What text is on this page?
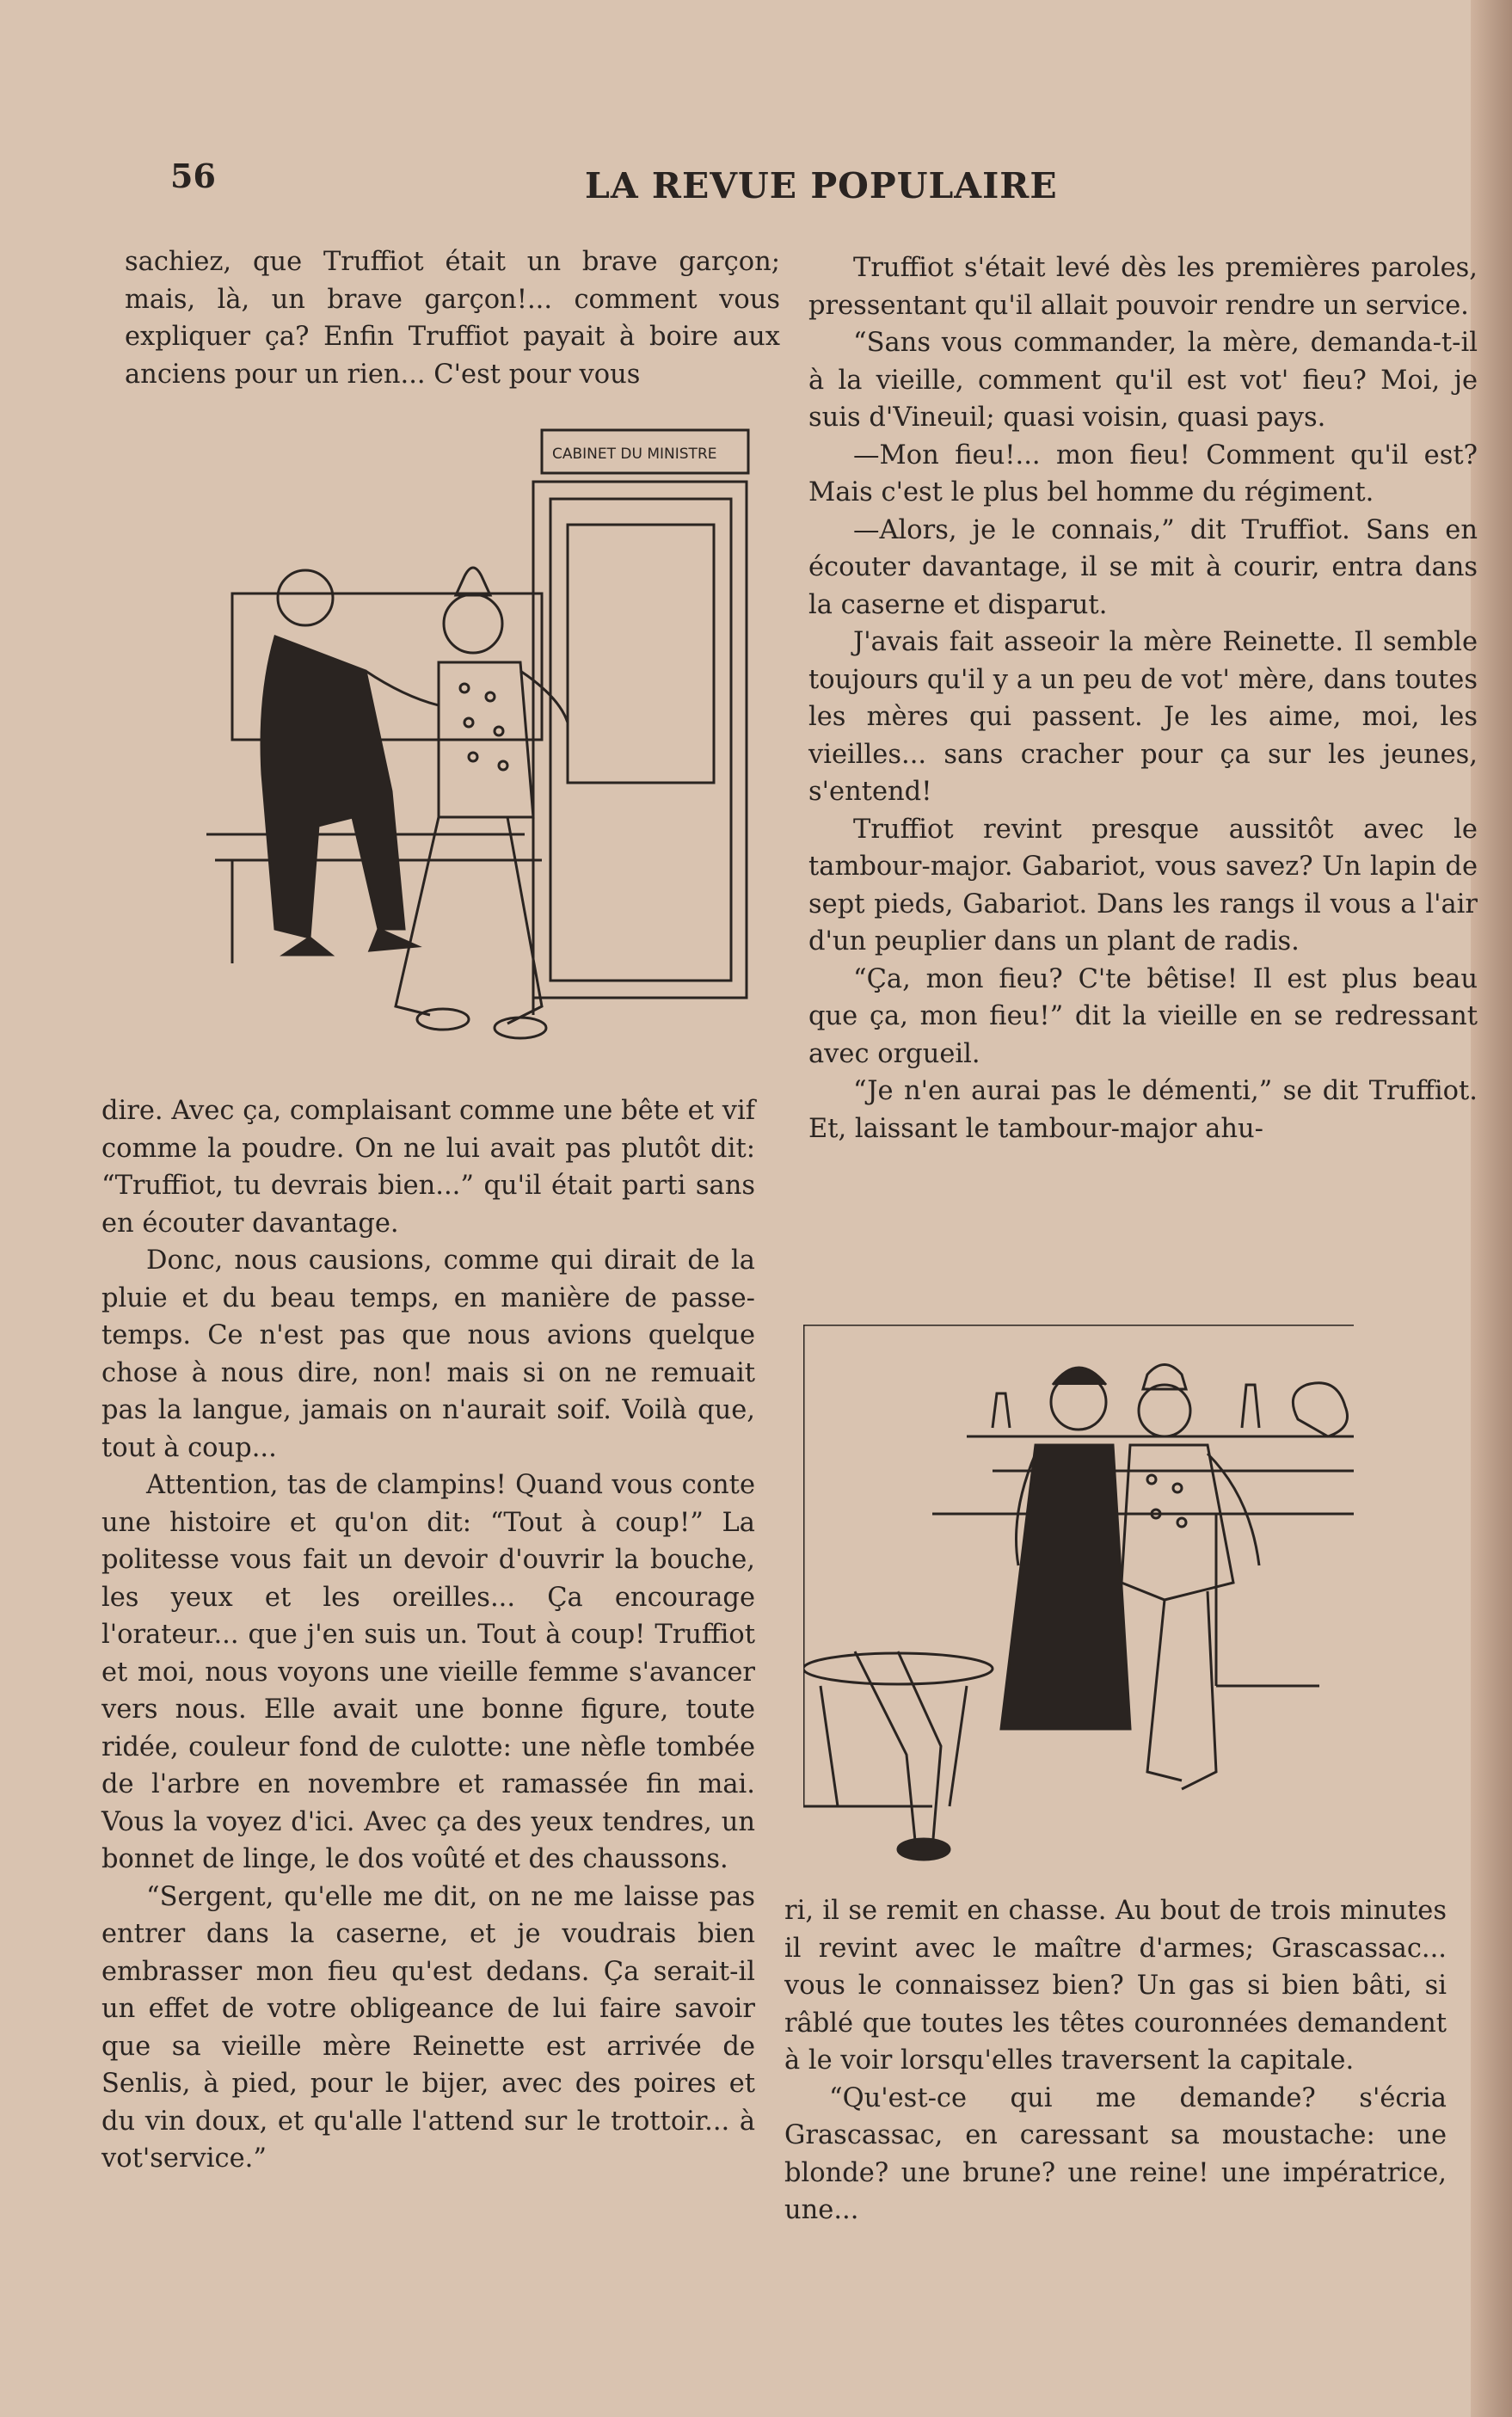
56	LA REVUE POPULAIRE

sachiez, que Truffiot était un brave garçon; mais, là, un brave garçon!... comment vous expliquer ça? Enfin Truffiot payait à boire aux anciens pour un rien... C'est pour vous

CABINET DU MINISTRE

dire. Avec ça, complaisant comme une bête et vif comme la poudre. On ne lui avait pas plutôt dit: “Truffiot, tu devrais bien...” qu'il était parti sans en écouter davantage.

Donc, nous causions, comme qui dirait de la pluie et du beau temps, en manière de passe-temps. Ce n'est pas que nous avions quelque chose à nous dire, non! mais si on ne remuait pas la langue, jamais on n'aurait soif. Voilà que, tout à coup...

Attention, tas de clampins! Quand vous conte une histoire et qu'on dit: “Tout à coup!” La politesse vous fait un devoir d'ouvrir la bouche, les yeux et les oreilles... Ça encourage l'orateur... que j'en suis un. Tout à coup! Truffiot et moi, nous voyons une vieille femme s'avancer vers nous. Elle avait une bonne figure, toute ridée, couleur fond de culotte: une nèfle tombée de l'arbre en novembre et ramassée fin mai. Vous la voyez d'ici. Avec ça des yeux tendres, un bonnet de linge, le dos voûté et des chaussons.

“Sergent, qu'elle me dit, on ne me laisse pas entrer dans la caserne, et je voudrais bien embrasser mon fieu qu'est dedans. Ça serait-il un effet de votre obligeance de lui faire savoir que sa vieille mère Reinette est arrivée de Senlis, à pied, pour le bijer, avec des poires et du vin doux, et qu'alle l'attend sur le trottoir... à vot'service.”

Truffiot s'était levé dès les premières paroles, pressentant qu'il allait pouvoir rendre un service.

“Sans vous commander, la mère, demanda-t-il à la vieille, comment qu'il est vot' fieu? Moi, je suis d'Vineuil; quasi voisin, quasi pays.

—Mon fieu!... mon fieu! Comment qu'il est? Mais c'est le plus bel homme du régiment.

—Alors, je le connais,” dit Truffiot. Sans en écouter davantage, il se mit à courir, entra dans la caserne et disparut.

J'avais fait asseoir la mère Reinette. Il semble toujours qu'il y a un peu de vot' mère, dans toutes les mères qui passent. Je les aime, moi, les vieilles... sans cracher pour ça sur les jeunes, s'entend!

Truffiot revint presque aussitôt avec le tambour-major. Gabariot, vous savez? Un lapin de sept pieds, Gabariot. Dans les rangs il vous a l'air d'un peuplier dans un plant de radis.

“Ça, mon fieu? C'te bêtise! Il est plus beau que ça, mon fieu!” dit la vieille en se redressant avec orgueil.

“Je n'en aurai pas le démenti,” se dit Truffiot. Et, laissant le tambour-major ahu-

ri, il se remit en chasse. Au bout de trois minutes il revint avec le maître d'armes; Grascassac... vous le connaissez bien? Un gas si bien bâti, si râblé que toutes les têtes couronnées demandent à le voir lorsqu'elles traversent la capitale.

“Qu'est-ce qui me demande? s'écria Grascassac, en caressant sa moustache: une blonde? une brune? une reine! une impératrice, une...
